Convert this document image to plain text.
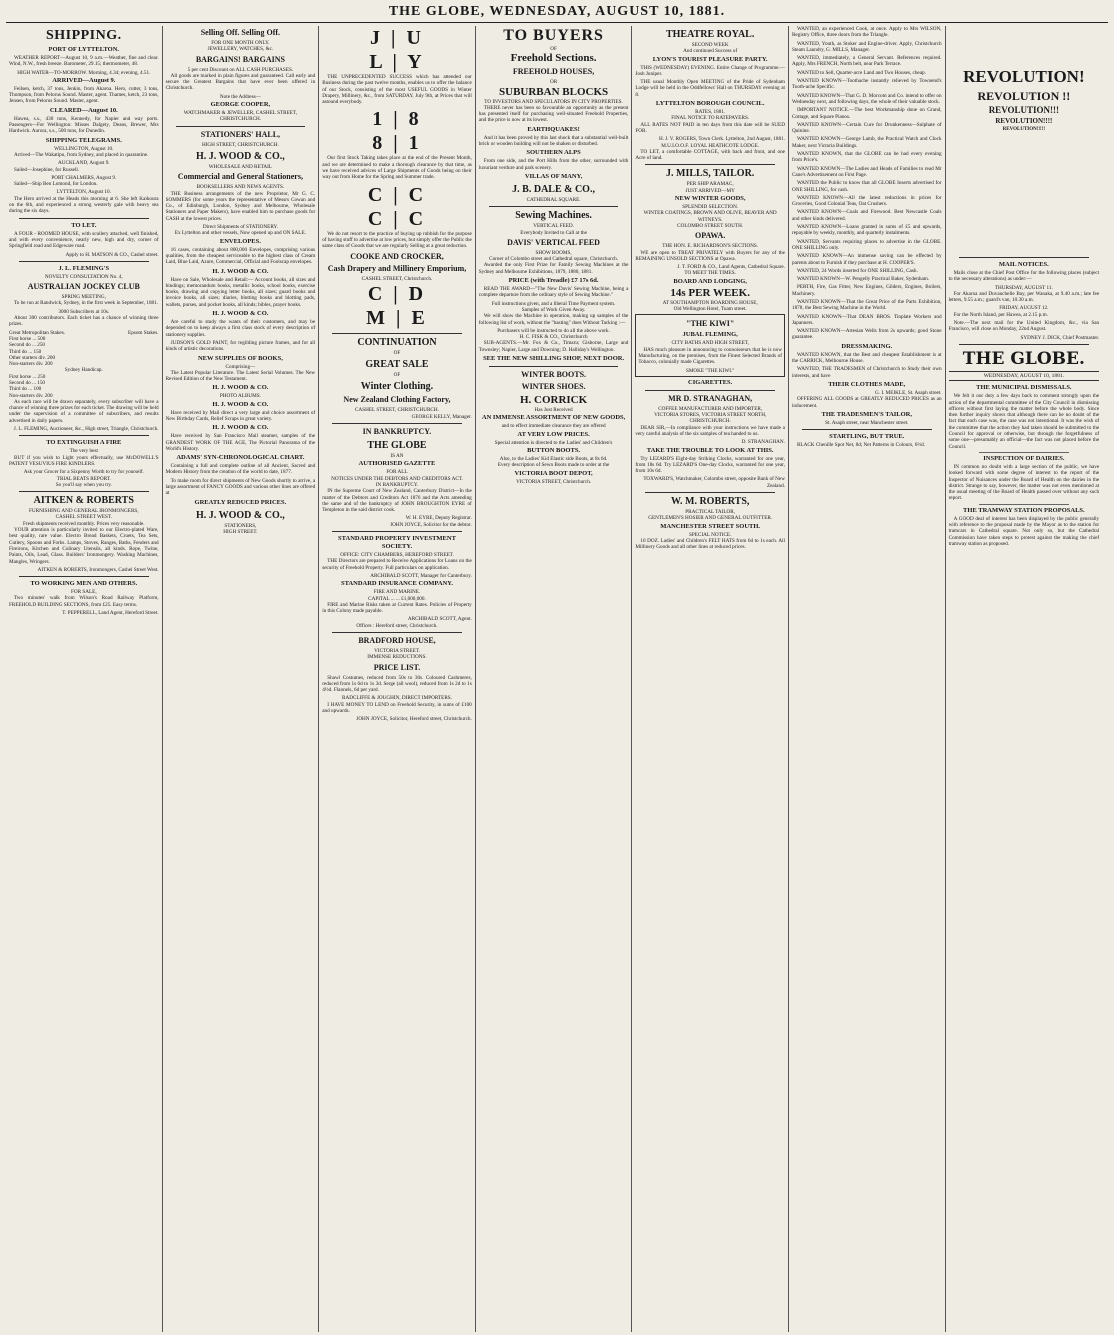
THE GLOBE, WEDNESDAY, AUGUST 10, 1881.
SHIPPING.
PORT OF LYTTELTON.

WEATHER REPORT—August 10, 9 a.m.—Weather, fine and clear. Wind, N.W., fresh breeze. Barometer, 29.15; thermometer, 48.

HIGH WATER—TO-MORROW. Morning, 4.34; evening, 4.51.
ARRIVED—August 9.

Feilsen, ketch, 37 tons, Jenkin, from Akaroa. Hero, cutter, 3 tons, Thompson, from Pelorus Sound. Master, agent. Thames, ketch, 23 tons, Jensen, from Pelorus Sound. Master, agent.

CLEARED—August 10.

Hawea, s.s., 430 tons, Kennedy, for Napier and way ports. Passengers—For Wellington: Misses Dalgety, Deans, Brewer, Mrs Hardwick. Aurora, s.s., 500 tons, for Dunedin.

SHIPPING TELEGRAMS.
WELLINGTON, August 10.

Arrived—The Wakatipu, from Sydney, and placed in quarantine.

AUCKLAND, August 9.

Sailed—Josephine, for Russell.

PORT CHALMERS, August 9.

Sailed—Ship Ben Lomond, for London.

LYTTELTON, August 10.

The Hero arrived at the Heads this morning at 6. She left Kaikoura on the 6th, and experienced a strong westerly gale with heavy sea during the six days.

TO LET.

A FOUR - ROOMED HOUSE, with scullery attached, well finished, and with every convenience, nearly new, high and dry, corner of Springfield road and Edgeware road.

Apply to H. MATSON & CO., Cashel street.
J. L. FLEMING'S
NOVELTY CONSULTATION No. 4,
AUSTRALIAN JOCKEY CLUB
SPRING MEETING,

To be run at Randwick, Sydney, in the first week in September, 1881.

3000 Subscribers at 10s.

About 300 contributors. Each ticket has a chance of winning three prizes.

Great Metropolitan Stakes.	Epsom Stakes.
First horse ... 500
Second do ... 250
Third do ... 150
Other starters div. 200
Non-starters div. 200
Sydney Handicap.
First horse ... 250
Second do ... 150
Third do ... 100
Non-starters div. 200

As each race will be drawn separately, every subscriber will have a chance of winning three prizes for each ticket. The drawing will be held under the supervision of a committee of subscribers, and results advertised in daily papers.

J. L. FLEMING, Auctioneer, &c., High street, Triangle, Christchurch.
TO EXTINGUISH A FIRE
The very best

BUT if you wish to Light yours effectually, use McDOWELL'S PATENT VESUVIUS FIRE KINDLERS.

Ask your Grocer for a Sixpenny Worth to try for yourself.
TRIAL BEATS REPORT.
So you'll say when you try.
AITKEN & ROBERTS
FURNISHING AND GENERAL IRONMONGERS,
CASHEL STREET WEST.
Fresh shipments received monthly. Prices very reasonable.

YOUR attention is particularly invited to our Electro-plated Ware, best quality, rare value. Electro Bread Baskets, Cruets, Tea Sets, Cutlery, Spoons and Forks. Lamps, Stoves, Ranges, Baths, Fenders and Fireirons, Kitchen and Culinary Utensils, all kinds. Rope, Twine, Paints, Oils, Lead, Glass. Builders' Ironmongery. Washing Machines, Mangles, Wringers.

AITKEN & ROBERTS, Ironmongers, Cashel Street West.
TO WORKING MEN AND OTHERS.
FOR SALE,

Two minutes' walk from Wilson's Road Railway Platform, FREEHOLD BUILDING SECTIONS, from £25. Easy terms.

T. PEPPERELL, Land Agent, Hereford Street.
Selling Off. Selling Off.
FOR ONE MONTH ONLY.
JEWELLERY, WATCHES, &c.
BARGAINS! BARGAINS
5 per cent Discount on ALL CASH PURCHASES.

All goods are marked in plain figures and guaranteed. Call early and secure the Greatest Bargains that have ever been offered in Christchurch.

Note the Address—
GEORGE COOPER,
WATCHMAKER & JEWELLER, CASHEL STREET, CHRISTCHURCH.
STATIONERS' HALL,
HIGH STREET, CHRISTCHURCH.
H. J. WOOD & CO.,
WHOLESALE AND RETAIL
Commercial and General Stationers,
BOOKSELLERS AND NEWS AGENTS.

THE Business arrangements of the new Proprietor, Mr G. C. SOMMERS (for some years the representative of Messrs Cowan and Co., of Edinburgh, London, Sydney and Melbourne, Wholesale Stationers and Paper Makers), have enabled him to purchase goods for CASH at the lowest prices.

Direct Shipments of STATIONERY.
Ex Lyttelton and other vessels, Now opened up and ON SALE.
ENVELOPES.

16 cases, containing about 800,000 Envelopes, comprising various qualities, from the cheapest serviceable to the highest class of Cream Laid, Blue Laid, Azure, Commercial, Official and Foolscap envelopes.

H. J. WOOD & CO.

Have on Sale, Wholesale and Retail:— Account books, all sizes and bindings; memorandum books, metallic books, school books, exercise books, drawing and copying letter books, all sizes; guard books and invoice books, all sizes; diaries, blotting books and blotting pads, wallets, purses, and pocket books, all kinds; bibles, prayer books.

H. J. WOOD & CO.

Are careful to study the wants of their customers, and may be depended on to keep always a first class stock of every description of stationery supplies.

JUDSON'S GOLD PAINT, for regilding picture frames, and for all kinds of artistic decorations.

NEW SUPPLIES OF BOOKS,
Comprising—

The Latest Popular Literature. The Latest Serial Volumes. The New Revised Edition of the New Testament.

H. J. WOOD & CO.
PHOTO ALBUMS.
H. J. WOOD & CO.

Have received by Mail direct a very large and choice assortment of New Birthday Cards, Relief Scraps in great variety.

H. J. WOOD & CO.

Have received by San Francisco Mail steamer, samples of the GRANDEST WORK OF THE AGE, The Pictorial Panorama of the World's History.

ADAMS' SYN-CHRONOLOGICAL CHART.

Containing a full and complete outline of all Ancient, Sacred and Modern History from the creation of the world to date, 1877.

To make room for direct shipments of New Goods shortly to arrive, a large assortment of FANCY GOODS and various other lines are offered at

GREATLY REDUCED PRICES.
H. J. WOOD & CO.,
STATIONERS,
HIGH STREET.
J | U
L | Y

THE UNPRECEDENTED SUCCESS which has attended our Business during the past twelve months, enables us to offer the balance of our Stock, consisting of the most USEFUL GOODS in Winter Drapery, Millinery, &c., from SATURDAY, July 9th, at Prices that will astound everybody.

1 | 8
8 | 1

Our first Stock Taking takes place at the end of the Present Month, and we are determined to make a thorough clearance by that time, as we have received advices of Large Shipments of Goods being on their way out from Home for the Spring and Summer trade.

C | C
C | C

We do not resort to the practice of buying up rubbish for the purpose of having stuff to advertise at low prices, but simply offer the Public the same class of Goods that we are regularly Selling at a great reduction.

COOKE AND CROCKER,
Cash Drapery and Millinery Emporium,
CASHEL STREET, Christchurch.
C | D
M | E
CONTINUATION
OF
GREAT SALE
OF
Winter Clothing.
New Zealand Clothing Factory,
CASHEL STREET, CHRISTCHURCH.
GEORGE KELLY, Manager.
IN BANKRUPTCY.
THE GLOBE
IS AN
AUTHORISED GAZETTE
FOR ALL
NOTICES UNDER THE DEBTORS AND CREDITORS ACT.
IN BANKRUPTCY.

IN the Supreme Court of New Zealand, Canterbury District—In the matter of the Debtors and Creditors Act 1876 and the Acts amending the same and of the bankruptcy of JOHN BROUGHTON EYRE of Templeton in the said district cook.

W. H. EYRE, Deputy Registrar.
JOHN JOYCE, Solicitor for the debtor.
STANDARD PROPERTY INVESTMENT SOCIETY.
OFFICE: CITY CHAMBERS, HEREFORD STREET.

THE Directors are prepared to Receive Applications for Loans on the security of Freehold Property. Full particulars on application.

ARCHIBALD SCOTT, Manager for Canterbury.
STANDARD INSURANCE COMPANY.
FIRE AND MARINE.
CAPITAL ... ... £1,000,000.

FIRE and Marine Risks taken at Current Rates. Policies of Property in this Colony made payable.

ARCHIBALD SCOTT, Agent.
Offices : Hereford street, Christchurch.
BRADFORD HOUSE,
VICTORIA STREET.
IMMENSE REDUCTIONS.
PRICE LIST.

Shawl Costumes, reduced from 50s to 30s. Coloured Cashmeres, reduced from 1s 6d to 1s 3d. Serge (all wool), reduced from 1s 2d to 1s 4½d. Flannels, 6d per yard.

RADCLIFFE & JOUGHIN, DIRECT IMPORTERS.

I HAVE MONEY TO LEND on Freehold Security, in sums of £100 and upwards.

JOHN JOYCE, Solicitor, Hereford street, Christchurch.
TO BUYERS
OF
Freehold Sections.
FREEHOLD HOUSES,
OR
SUBURBAN BLOCKS
TO INVESTORS AND SPECULATORS IN CITY PROPERTIES.

THERE never has been so favourable an opportunity as the present has presented itself for purchasing well-situated Freehold Properties, and the price is now at its lowest.

EARTHQUAKES!

And it has been proved by this last shock that a substantial well-built brick or wooden building will not be shaken or disturbed.

SOUTHERN ALPS

From one side, and the Port Hills from the other, surrounded with luxuriant verdure and park scenery.

VILLAS OF MANY,
J. B. DALE & CO.,
CATHEDRAL SQUARE.
Sewing Machines.
VERTICAL FEED.
Everybody Invited to Call at the
DAVIS' VERTICAL FEED
SHOW ROOMS,
Corner of Colombo street and Cathedral square, Christchurch.

Awarded the only First Prize for Family Sewing Machines at the Sydney and Melbourne Exhibitions, 1879, 1880, 1881.

PRICE (with Treadle) £7 17s 6d.

READ THE AWARD—"The New Davis' Sewing Machine, being a complete departure from the ordinary style of Sewing Machine."

Full instructions given, and a liberal Time Payment system.
Samples of Work Given Away.

We will show the Machine in operation, making up samples of the following list of work, without the "basting" does Without Tacking :—

Purchasers will be instructed to do all the above work.
H. C. FISK & CO., Christchurch

SUB-AGENTS.—Mr. Fox & Co., Timaru; Gisborne, Large and Townsley; Napier, Large and Downing; D. Halliday's Wellington.

SEE THE NEW SHILLING SHOP, NEXT DOOR.
WINTER BOOTS.
WINTER SHOES.
H. CORRICK
Has Just Received
AN IMMENSE ASSORTMENT OF NEW GOODS,
and to effect immediate clearance they are offered
AT VERY LOW PRICES.
Special attention is directed to the Ladies' and Children's
BUTTON BOOTS.
Also, to the Ladies' Kid Elastic side Boots, at 8s 6d.
Every description of Sewn Boots made to order at the
VICTORIA BOOT DEPOT,
VICTORIA STREET, Christchurch.
THEATRE ROYAL.
SECOND WEEK
And continued Success of
LYON'S TOURIST PLEASURE PARTY.

THIS (WEDNESDAY) EVENING. Entire Change of Programme.—Josh Juniper.

THE usual Monthly Open MEETING of the Pride of Sydenham Lodge will be held in the Oddfellows' Hall on THURSDAY evening at 8.

LYTTELTON BOROUGH COUNCIL.
RATES, 1881.
FINAL NOTICE TO RATEPAYERS.

ALL RATES NOT PAID in ten days from this date will be SUED FOR.

H. J. V. ROGERS, Town Clerk. Lyttelton, 2nd August, 1881.
M.U.I.O.O.F. LOYAL HEATHCOTE LODGE.

TO LET, a comfortable COTTAGE, with back and front, and one Acre of land.

J. MILLS, TAILOR.
PER SHIP ARAMAC,
JUST ARRIVED—MY
NEW WINTER GOODS,
SPLENDID SELECTION.
WINTER COATINGS, BROWN AND OLIVE, BEAVER AND WITNEYS.
COLOMBO STREET SOUTH.
OPAWA.
THE HON. E. RICHARDSON'S SECTIONS.

WE are open to TREAT PRIVATELY with Buyers for any of the REMAINING UNSOLD SECTIONS at Opawa.

J. T. FORD & CO., Land Agents, Cathedral Square.
TO MEET THE TIMES.
BOARD AND LODGING,
14s PER WEEK.
AT SOUTHAMPTON BOARDING HOUSE,
Old Wellington Hotel, Tuam street.
"THE KIWI"
JUBAL FLEMING,
CITY BATHS AND HIGH STREET,

HAS much pleasure in announcing to connoisseurs that he is now Manufacturing, on the premises, from the Finest Selected Brands of Tobacco, colonially made Cigarettes.

SMOKE "THE KIWI."
CIGARETTES.
MR D. STRANAGHAN,
COFFEE MANUFACTURER AND IMPORTER,
VICTORIA STORES, VICTORIA STREET NORTH, CHRISTCHURCH.

DEAR SIR,—In compliance with your instructions we have made a very careful analysis of the six samples of tea handed to us.

D. STRANAGHAN.
TAKE THE TROUBLE TO LOOK AT THIS.

Try LEZARD'S Eight-day Striking Clocks, warranted for one year, from 18s 6d. Try LEZARD'S One-day Clocks, warranted for one year, from 10s 6d.

TOXWARD'S, Watchmaker, Colombo street, opposite Bank of New Zealand.
W. M. ROBERTS,
PRACTICAL TAILOR,
GENTLEMEN'S HOSIER AND GENERAL OUTFITTER.
MANCHESTER STREET SOUTH.
SPECIAL NOTICE.

10 DOZ. Ladies' and Children's FELT HATS from 6d to 1s each. All Millinery Goods and all other lines at reduced prices.

WANTED, an experienced Cook, at once. Apply to Mrs WILSON, Registry Office, three doors from the Triangle.

WANTED, Youth, as Stoker and Engine-driver. Apply, Christchurch Steam Laundry, G. MILLS, Manager.

WANTED, immediately, a General Servant. References required. Apply, Mrs FRENCH, North belt, near Park Terrace.

WANTED to Sell, Quarter-acre Land and Two Houses, cheap.

WANTED KNOWN—Toothache instantly relieved by Townend's Tooth-ache Specific.

WANTED KNOWN—That G. D. Morcom and Co. intend to offer on Wednesday next, and following days, the whole of their valuable stock.

IMPORTANT NOTICE.—The best Workmanship done on Grand, Cottage, and Square Pianos.

WANTED KNOWN—Certain Cure for Drunkenness—Sulphate of Quinine.

WANTED KNOWN—George Lamb, the Practical Watch and Clock Maker, next Victoria Buildings.

WANTED KNOWN, that the GLOBE can be had every evening from Price's.

WANTED KNOWN—The Ladies and Heads of Families to read Mr Cane's Advertisement on First Page.

WANTED the Public to know that all GLOBE Inserts advertised for ONE SHILLING, for cash.

WANTED KNOWN—All the latest reductions in prices for Groceries, Good Colonial Teas, Oat Crushers.

WANTED KNOWN—Coals and Firewood. Best Newcastle Coals and other kinds delivered.

WANTED KNOWN—Loans granted in sums of £5 and upwards, repayable by weekly, monthly, and quarterly instalments.

WANTED, Servants requiring places to advertise in the GLOBE. ONE SHILLING only.

WANTED KNOWN—An immense saving can be effected by parents about to Furnish if they purchase at H. COOPER'S.

WANTED, 24 Words inserted for ONE SHILLING, Cash.

WANTED KNOWN—W. Pengelly Practical Baker, Sydenham.

PERTH, Fire, Gas Fitter, New Engines, Gilders, Engines, Boilers, Machinery.

WANTED KNOWN—That the Great Price of the Parts Exhibition, 1878, the Best Sewing Machine in the World.

WANTED KNOWN—That DEAN BROS. Tinplate Workers and Japanners.

WANTED KNOWN—Artesian Wells from 2s upwards; good Stone guarantee.

DRESSMAKING.

WANTED KNOWN, that the Best and cheapest Establishment is at the CARRICK, Melbourne House.

WANTED, THE TRADESMEN of Christchurch to Study their own interests, and have

THEIR CLOTHES MADE,
G. I. MEIKLE, St. Asaph street.

OFFERING ALL GOODS at GREATLY REDUCED PRICES as an inducement.

THE TRADESMEN'S TAILOR,
St. Asaph street, near Manchester street.
STARTLING, BUT TRUE.

BLACK Chenille Spot Net, 8d; Net Patterns in Colours, 6½d.

REVOLUTION!
REVOLUTION !!
REVOLUTION!!!
REVOLUTION!!!!
REVOLUTION!!!!!
MAIL NOTICES.

Mails close at the Chief Post Office for the following places (subject to the necessary alterations) as under:—

THURSDAY, AUGUST 11.

For Akaroa and Duvauchelle Bay, per Wanaka, at 9.40 a.m.; late fee letters, 9.55 a.m.; guard's van, 10.30 a.m.

FRIDAY, AUGUST 12.

For the North Island, per Hawea, at 2.15 p.m.

Note.—The next mail for the United Kingdom, &c., via San Francisco, will close on Monday, 22nd August.

SYDNEY J. DICK, Chief Postmaster.
THE GLOBE.
WEDNESDAY, AUGUST 10, 1881.
THE MUNICIPAL DISMISSALS.

We felt it our duty a few days back to comment strongly upon the action of the departmental committee of the City Council in dismissing officers without first laying the matter before the whole body. Since then further inquiry shows that although there can be no doubt of the fact that each case was, the case was not intentional. It was the wish of the committee that the action they had taken should be submitted to the Council for approval or otherwise, but through the forgetfulness of some one—presumably an official—the fact was not placed before the Council.

INSPECTION OF DAIRIES.

IN common no doubt with a large section of the public, we have looked forward with some degree of interest to the report of the Inspector of Nuisances under the Board of Health on the dairies in the district. Strange to say, however, the matter was not even mentioned at the usual meeting of the Board of Health passed over without any such report.

THE TRAMWAY STATION PROPOSALS.

A GOOD deal of interest has been displayed by the public generally with reference to the proposal made by the Mayor as to the station for tramcars in Cathedral square. Not only so, but the Cathedral Commission have taken steps to protest against the making the chief tramway station as proposed.
